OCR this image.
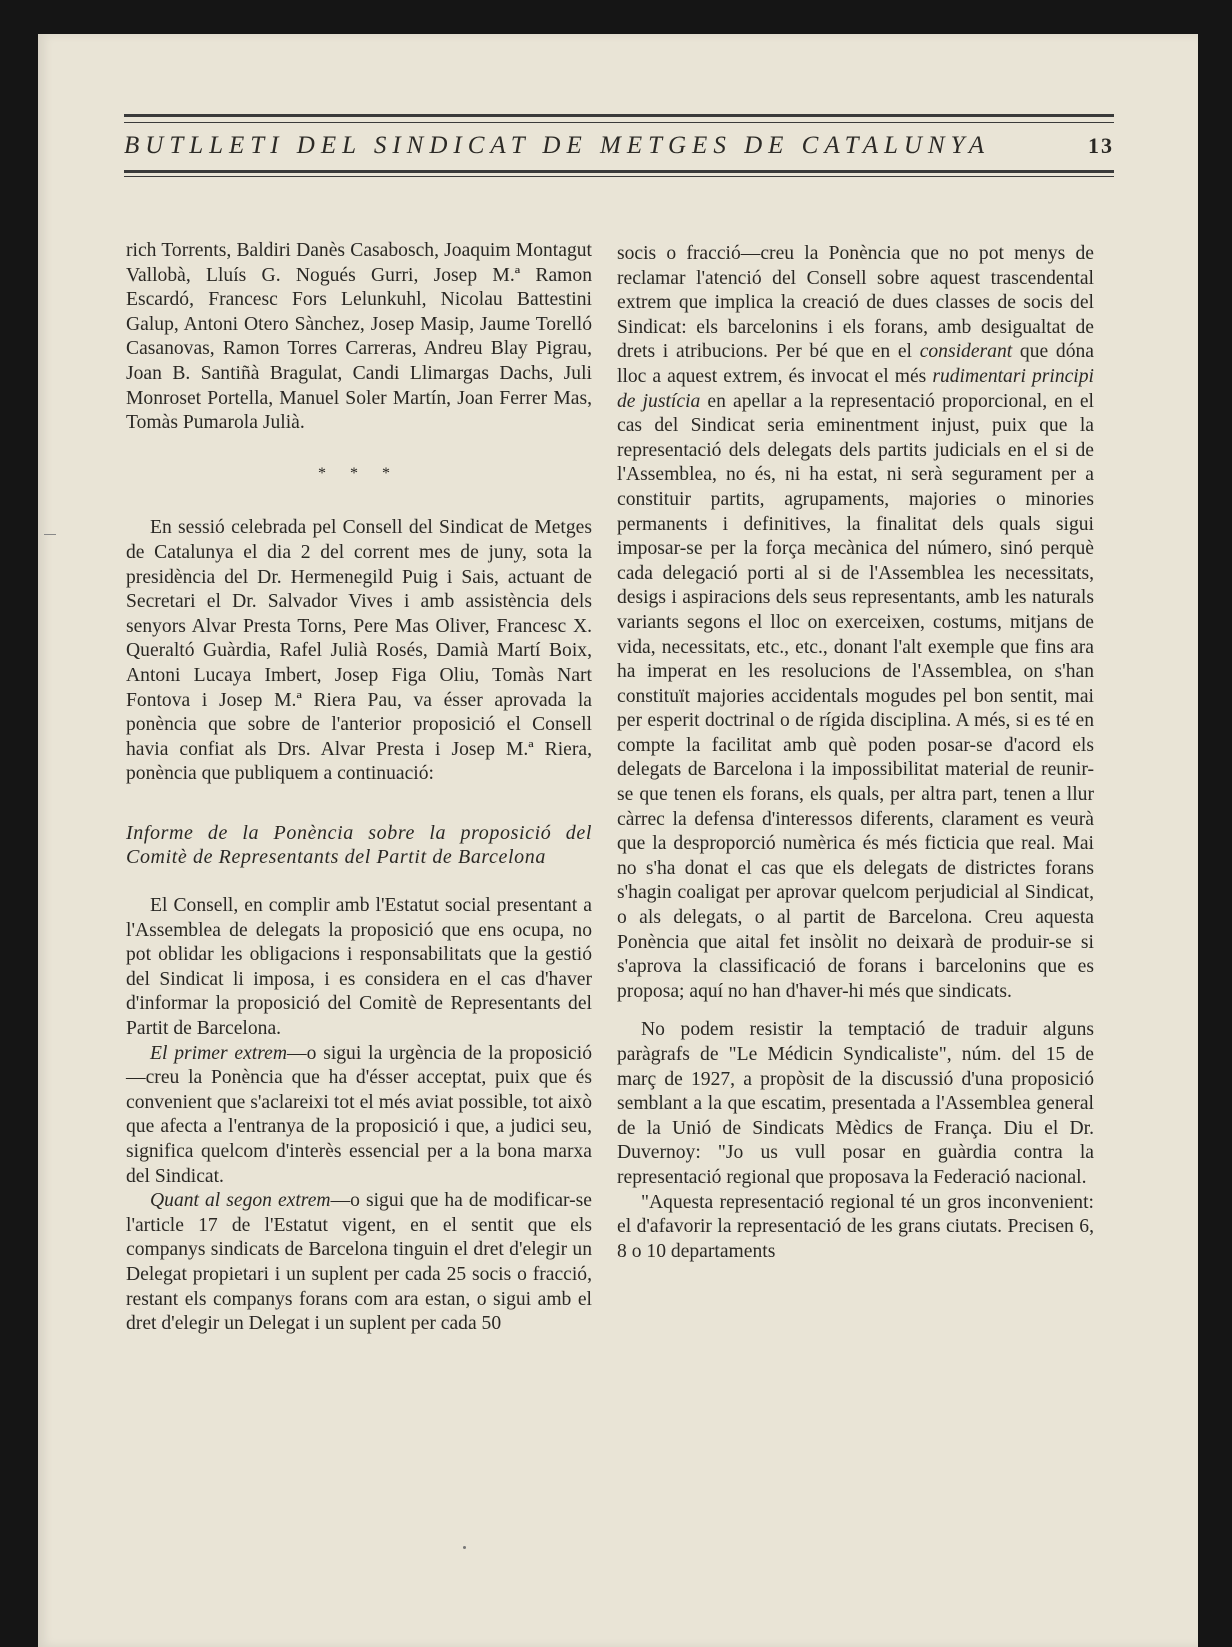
BUTLLETI DEL SINDICAT DE METGES DE CATALUNYA	13

rich Torrents, Baldiri Danès Casabosch, Joaquim Montagut Vallobà, Lluís G. Nogués Gurri, Josep M.ª Ramon Escardó, Francesc Fors Lelunkuhl, Nicolau Battestini Galup, Antoni Otero Sànchez, Josep Masip, Jaume Torelló Casanovas, Ramon Torres Carreras, Andreu Blay Pigrau, Joan B. Santiñà Bragulat, Candi Llimargas Dachs, Juli Monroset Portella, Manuel Soler Martín, Joan Ferrer Mas, Tomàs Pumarola Julià.

* * *

En sessió celebrada pel Consell del Sindicat de Metges de Catalunya el dia 2 del corrent mes de juny, sota la presidència del Dr. Hermenegild Puig i Sais, actuant de Secretari el Dr. Salvador Vives i amb assistència dels senyors Alvar Presta Torns, Pere Mas Oliver, Francesc X. Queraltó Guàrdia, Rafel Julià Rosés, Damià Martí Boix, Antoni Lucaya Imbert, Josep Figa Oliu, Tomàs Nart Fontova i Josep M.ª Riera Pau, va ésser aprovada la ponència que sobre de l'anterior proposició el Consell havia confiat als Drs. Alvar Presta i Josep M.ª Riera, ponència que publiquem a continuació:

Informe de la Ponència sobre la proposició del Comitè de Representants del Partit de Barcelona

El Consell, en complir amb l'Estatut social presentant a l'Assemblea de delegats la proposició que ens ocupa, no pot oblidar les obligacions i responsabilitats que la gestió del Sindicat li imposa, i es considera en el cas d'haver d'informar la proposició del Comitè de Representants del Partit de Barcelona.

El primer extrem—o sigui la urgència de la proposició—creu la Ponència que ha d'ésser acceptat, puix que és convenient que s'aclareixi tot el més aviat possible, tot això que afecta a l'entranya de la proposició i que, a judici seu, significa quelcom d'interès essencial per a la bona marxa del Sindicat.

Quant al segon extrem—o sigui que ha de modificar-se l'article 17 de l'Estatut vigent, en el sentit que els companys sindicats de Barcelona tinguin el dret d'elegir un Delegat propietari i un suplent per cada 25 socis o fracció, restant els companys forans com ara estan, o sigui amb el dret d'elegir un Delegat i un suplent per cada 50

socis o fracció—creu la Ponència que no pot menys de reclamar l'atenció del Consell sobre aquest trascendental extrem que implica la creació de dues classes de socis del Sindicat: els barcelonins i els forans, amb desigualtat de drets i atribucions. Per bé que en el considerant que dóna lloc a aquest extrem, és invocat el més rudimentari principi de justícia en apellar a la representació proporcional, en el cas del Sindicat seria eminentment injust, puix que la representació dels delegats dels partits judicials en el si de l'Assemblea, no és, ni ha estat, ni serà segurament per a constituir partits, agrupaments, majories o minories permanents i definitives, la finalitat dels quals sigui imposar-se per la força mecànica del número, sinó perquè cada delegació porti al si de l'Assemblea les necessitats, desigs i aspiracions dels seus representants, amb les naturals variants segons el lloc on exerceixen, costums, mitjans de vida, necessitats, etc., etc., donant l'alt exemple que fins ara ha imperat en les resolucions de l'Assemblea, on s'han constituït majories accidentals mogudes pel bon sentit, mai per esperit doctrinal o de rígida disciplina. A més, si es té en compte la facilitat amb què poden posar-se d'acord els delegats de Barcelona i la impossibilitat material de reunir-se que tenen els forans, els quals, per altra part, tenen a llur càrrec la defensa d'interessos diferents, clarament es veurà que la desproporció numèrica és més ficticia que real. Mai no s'ha donat el cas que els delegats de districtes forans s'hagin coaligat per aprovar quelcom perjudicial al Sindicat, o als delegats, o al partit de Barcelona. Creu aquesta Ponència que aital fet insòlit no deixarà de produir-se si s'aprova la classificació de forans i barcelonins que es proposa; aquí no han d'haver-hi més que sindicats.

No podem resistir la temptació de traduir alguns paràgrafs de "Le Médicin Syndicaliste", núm. del 15 de març de 1927, a propòsit de la discussió d'una proposició semblant a la que escatim, presentada a l'Assemblea general de la Unió de Sindicats Mèdics de França. Diu el Dr. Duvernoy: "Jo us vull posar en guàrdia contra la representació regional que proposava la Federació nacional.

"Aquesta representació regional té un gros inconvenient: el d'afavorir la representació de les grans ciutats. Precisen 6, 8 o 10 departaments
